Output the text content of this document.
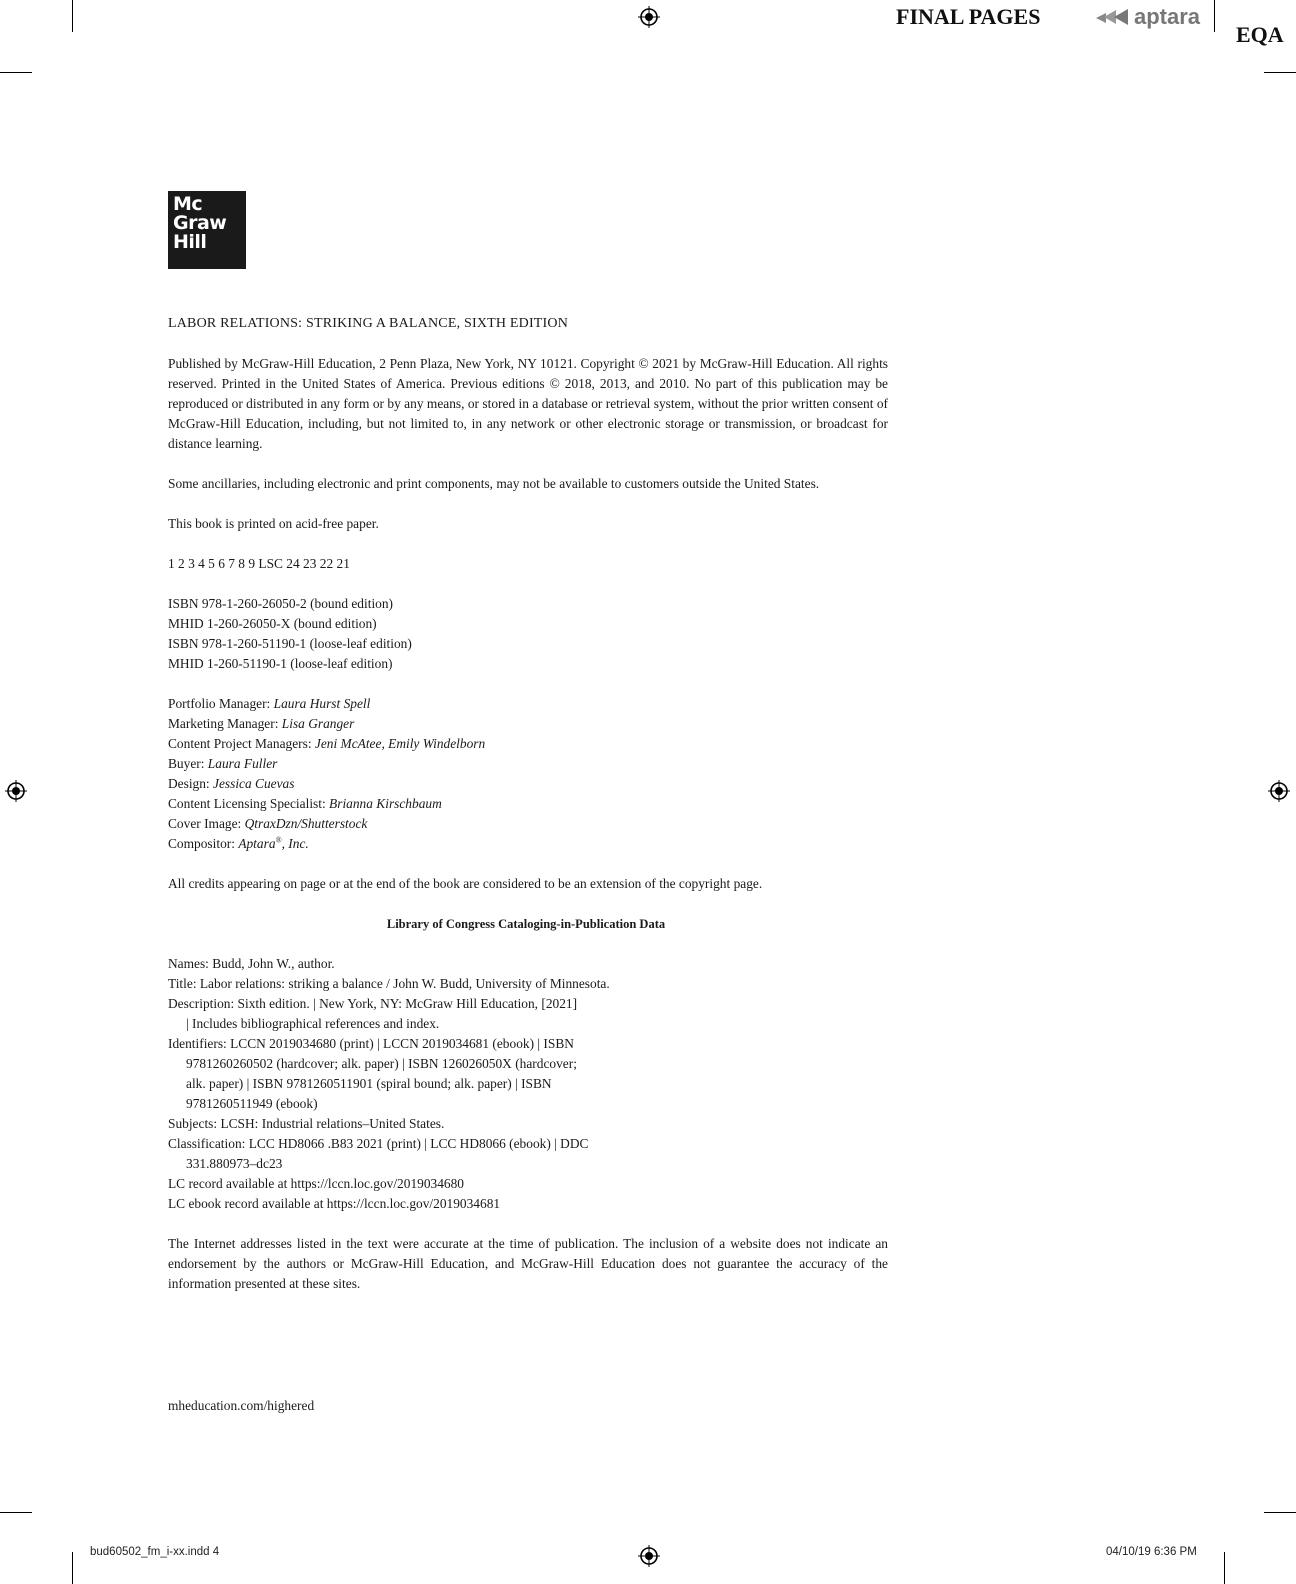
FINAL PAGES	aptara
EQA
Mc
Graw
Hill

LABOR RELATIONS: STRIKING A BALANCE, SIXTH EDITION

Published by McGraw-Hill Education, 2 Penn Plaza, New York, NY 10121. Copyright © 2021 by McGraw-Hill Education. All rights reserved. Printed in the United States of America. Previous editions © 2018, 2013, and 2010. No part of this publication may be reproduced or distributed in any form or by any means, or stored in a database or retrieval system, without the prior written consent of McGraw-Hill Education, including, but not limited to, in any network or other electronic storage or transmission, or broadcast for distance learning.

Some ancillaries, including electronic and print components, may not be available to customers outside the United States.

This book is printed on acid-free paper.

1 2 3 4 5 6 7 8 9 LSC 24 23 22 21

ISBN 978-1-260-26050-2 (bound edition)

MHID 1-260-26050-X (bound edition)

ISBN 978-1-260-51190-1 (loose-leaf edition)

MHID 1-260-51190-1 (loose-leaf edition)

Portfolio Manager: Laura Hurst Spell

Marketing Manager: Lisa Granger

Content Project Managers: Jeni McAtee, Emily Windelborn

Buyer: Laura Fuller

Design: Jessica Cuevas

Content Licensing Specialist: Brianna Kirschbaum

Cover Image: QtraxDzn/Shutterstock

Compositor: Aptara®, Inc.

All credits appearing on page or at the end of the book are considered to be an extension of the copyright page.

Library of Congress Cataloging-in-Publication Data

Names: Budd, John W., author.

Title: Labor relations: striking a balance / John W. Budd, University of Minnesota.

Description: Sixth edition. | New York, NY: McGraw Hill Education, [2021]

| Includes bibliographical references and index.

Identifiers: LCCN 2019034680 (print) | LCCN 2019034681 (ebook) | ISBN

9781260260502 (hardcover; alk. paper) | ISBN 126026050X (hardcover;

alk. paper) | ISBN 9781260511901 (spiral bound; alk. paper) | ISBN

9781260511949 (ebook)

Subjects: LCSH: Industrial relations–United States.

Classification: LCC HD8066 .B83 2021 (print) | LCC HD8066 (ebook) | DDC

331.880973–dc23

LC record available at https://lccn.loc.gov/2019034680

LC ebook record available at https://lccn.loc.gov/2019034681

The Internet addresses listed in the text were accurate at the time of publication. The inclusion of a website does not indicate an endorsement by the authors or McGraw-Hill Education, and McGraw-Hill Education does not guarantee the accuracy of the information presented at these sites.

mheducation.com/highered
bud60502_fm_i-xx.indd 4	04/10/19 6:36 PM
